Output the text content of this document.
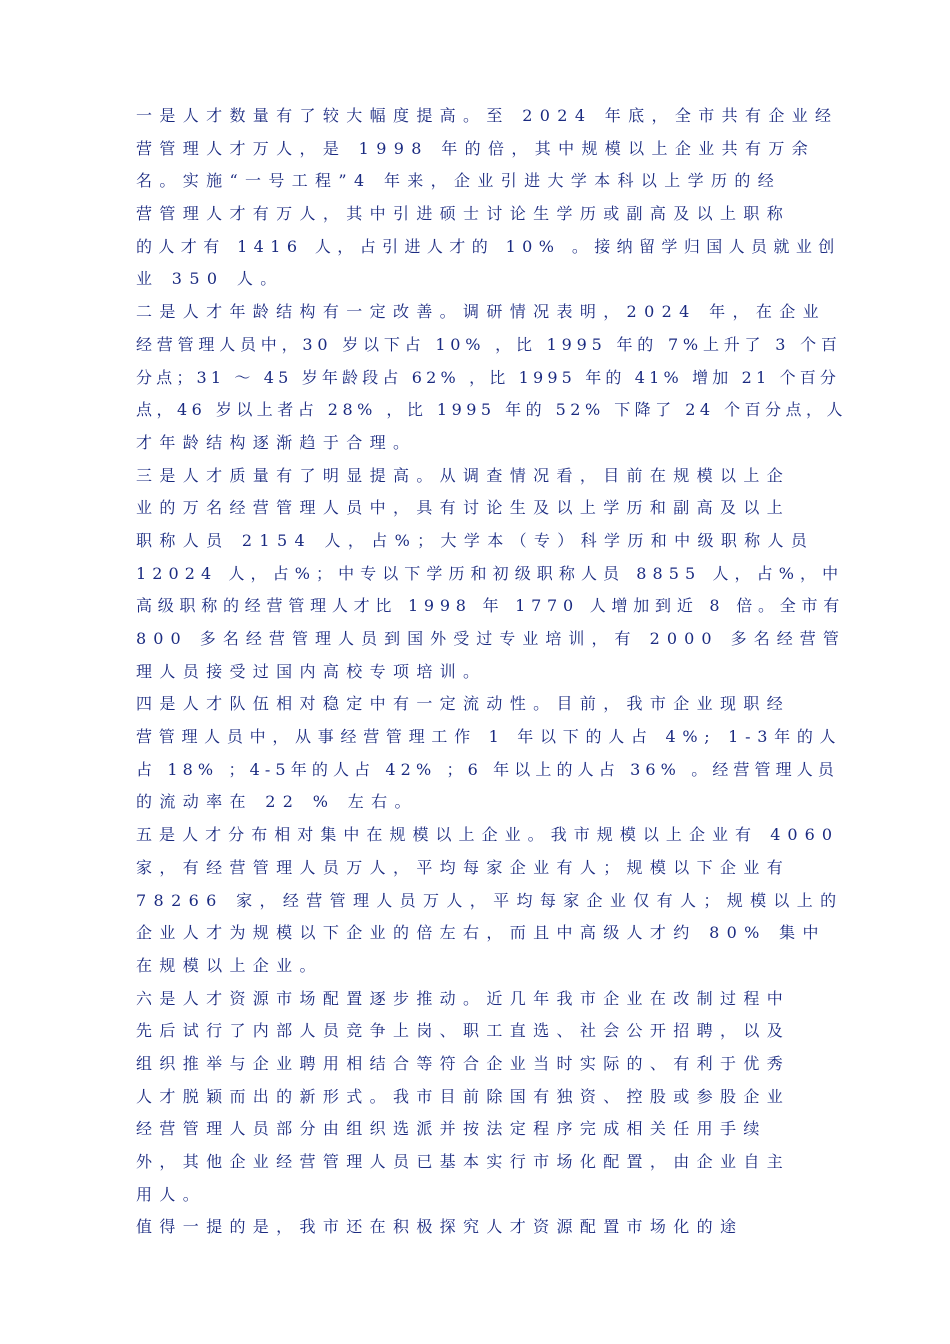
一是人才数量有了较大幅度提高。至 2024 年底，全市共有企业经
营管理人才万人，是 1998 年的倍，其中规模以上企业共有万余
名。实施“一号工程”4 年来，企业引进大学本科以上学历的经
营管理人才有万人，其中引进硕士讨论生学历或副高及以上职称
的人才有 1416 人，占引进人才的 10% 。接纳留学归国人员就业创
业 350 人。
二是人才年龄结构有一定改善。调研情况表明，2024 年，在企业
经营管理人员中，30 岁以下占 10% ，比 1995 年的 7%上升了 3 个百
分点；31 ～ 45 岁年龄段占 62% ，比 1995 年的 41% 增加 21 个百分
点，46 岁以上者占 28% ，比 1995 年的 52% 下降了 24 个百分点，人
才年龄结构逐渐趋于合理。
三是人才质量有了明显提高。从调查情况看，目前在规模以上企
业的万名经营管理人员中，具有讨论生及以上学历和副高及以上
职称人员 2154 人，占%；大学本（专）科学历和中级职称人员
12024 人，占%；中专以下学历和初级职称人员 8855 人，占%，中
高级职称的经营管理人才比 1998 年 1770 人增加到近 8 倍。全市有
800 多名经营管理人员到国外受过专业培训，有 2000 多名经营管
理人员接受过国内高校专项培训。
四是人才队伍相对稳定中有一定流动性。目前，我市企业现职经
营管理人员中，从事经营管理工作 1 年以下的人占 4%; 1-3年的人
占 18% ；4-5年的人占 42% ；6 年以上的人占 36% 。经营管理人员
的流动率在 22 % 左右。
五是人才分布相对集中在规模以上企业。我市规模以上企业有 4060
家，有经营管理人员万人，平均每家企业有人；规模以下企业有
78266 家，经营管理人员万人，平均每家企业仅有人；规模以上的
企业人才为规模以下企业的倍左右，而且中高级人才约 80% 集中
在规模以上企业。
六是人才资源市场配置逐步推动。近几年我市企业在改制过程中
先后试行了内部人员竞争上岗、职工直选、社会公开招聘，以及
组织推举与企业聘用相结合等符合企业当时实际的、有利于优秀
人才脱颖而出的新形式。我市目前除国有独资、控股或参股企业
经营管理人员部分由组织选派并按法定程序完成相关任用手续
外，其他企业经营管理人员已基本实行市场化配置，由企业自主
用人。
值得一提的是，我市还在积极探究人才资源配置市场化的途
